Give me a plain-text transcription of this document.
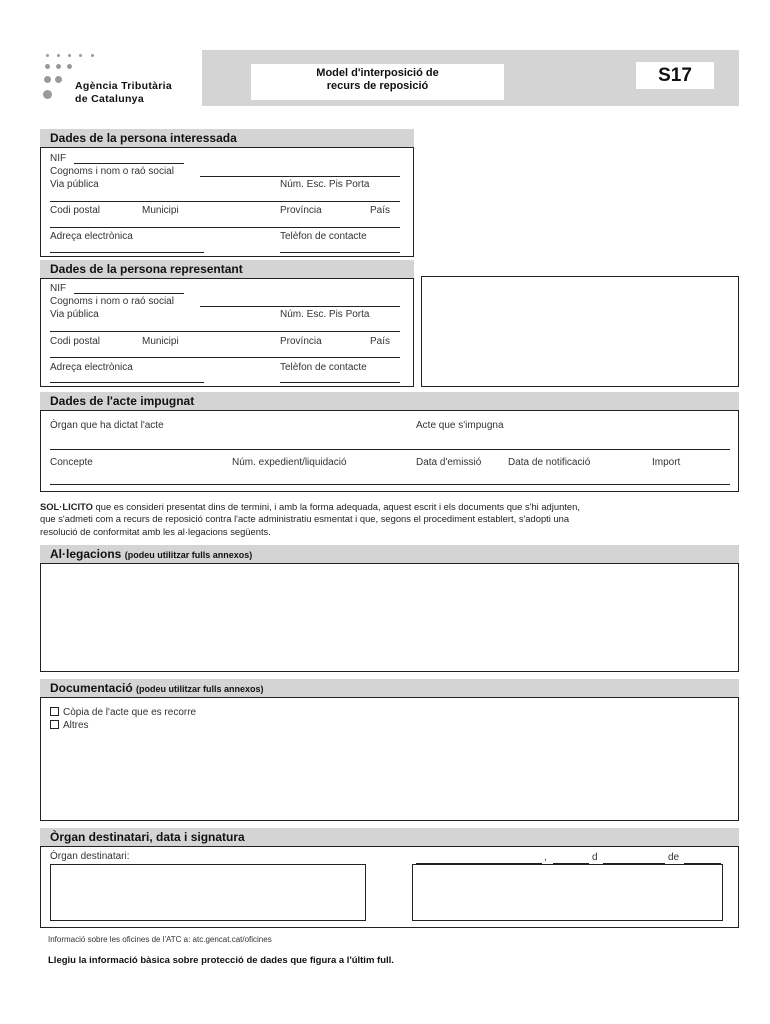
Agència Tributària
de Catalunya
Model d'interposició de
recurs de reposició	S17
Dades de la persona interessada
NIF
Cognoms i nom o raó social
Via pública	Núm. Esc. Pis Porta
Codi postal	Municipi	Província	País
Adreça electrònica	Telèfon de contacte
Dades de la persona representant
NIF
Cognoms i nom o raó social
Via pública	Núm. Esc. Pis Porta
Codi postal	Municipi	Província	País
Adreça electrònica	Telèfon de contacte
Dades de l'acte impugnat
Òrgan que ha dictat l'acte	Acte que s'impugna
Concepte	Núm. expedient/liquidació	Data d'emissió	Data de notificació	Import
SOL·LICITO que es consideri presentat dins de termini, i amb la forma adequada, aquest escrit i els documents que s'hi adjunten,
que s'admeti com a recurs de reposició contra l'acte administratiu esmentat i que, segons el procediment establert, s'adopti una
resolució de conformitat amb les al·legacions següents.
Al·legacions (podeu utilitzar fulls annexos)
Documentació (podeu utilitzar fulls annexos)
Còpia de l'acte que es recorre
Altres
Òrgan destinatari, data i signatura
Òrgan destinatari:	,	d	de
Informació sobre les oficines de l'ATC a: atc.gencat.cat/oficines
Llegiu la informació bàsica sobre protecció de dades que figura a l'últim full.
